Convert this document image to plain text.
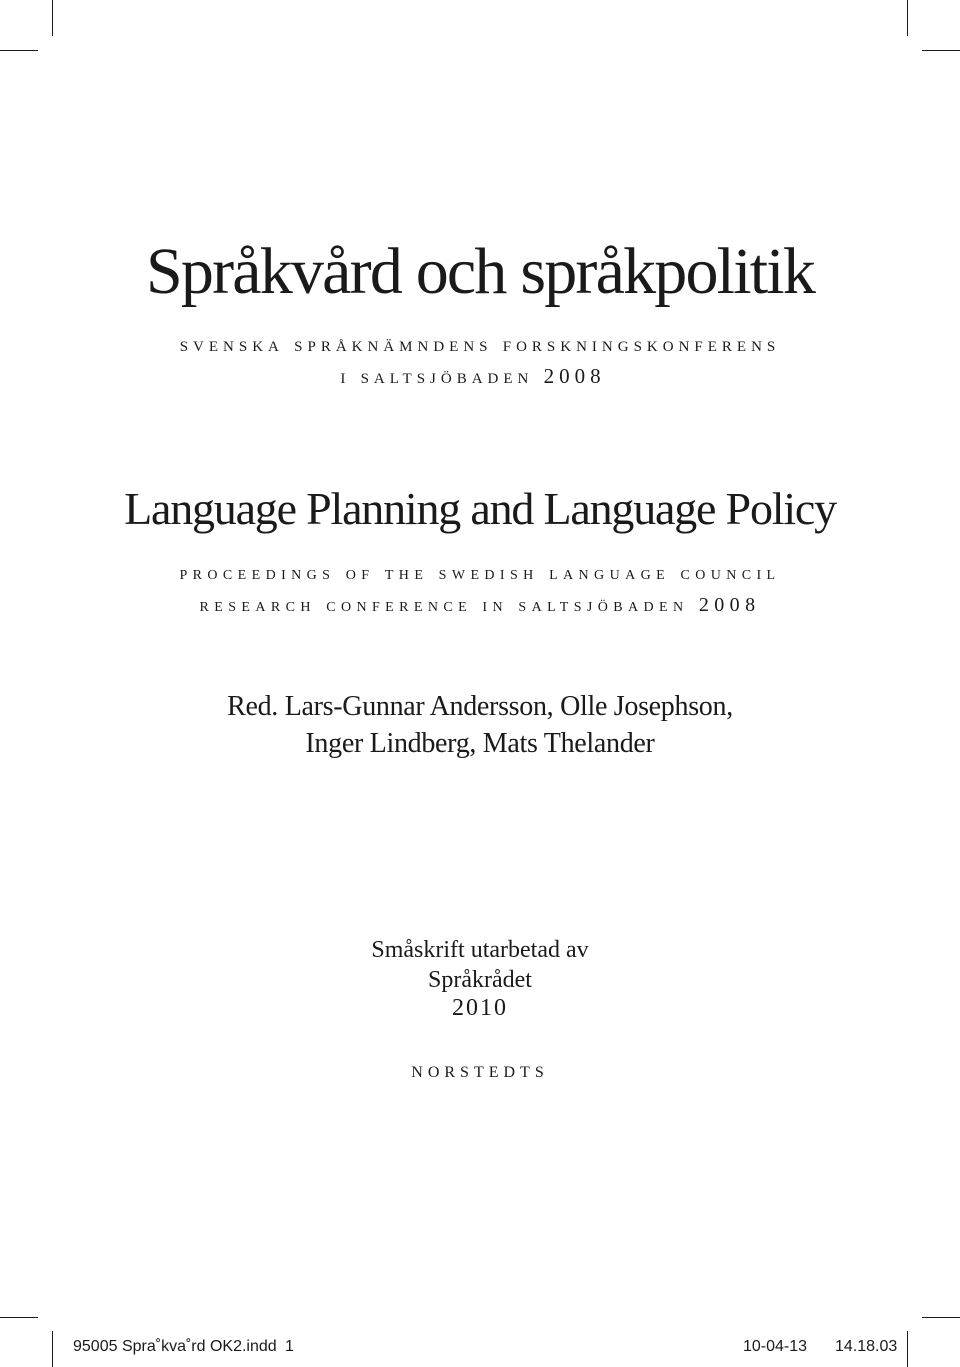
Språkvård och språkpolitik
svenska språknämndens forskningskonferens
i saltsjöbaden 2008
Language Planning and Language Policy
proceedings of the swedish language council
research conference in saltsjöbaden 2008
Red. Lars-Gunnar Andersson, Olle Josephson,
Inger Lindberg, Mats Thelander
Småskrift utarbetad av
Språkrådet
2010
norstedts
95005 Spra˚kva˚rd OK2.indd 1	10-04-13 14.18.03
